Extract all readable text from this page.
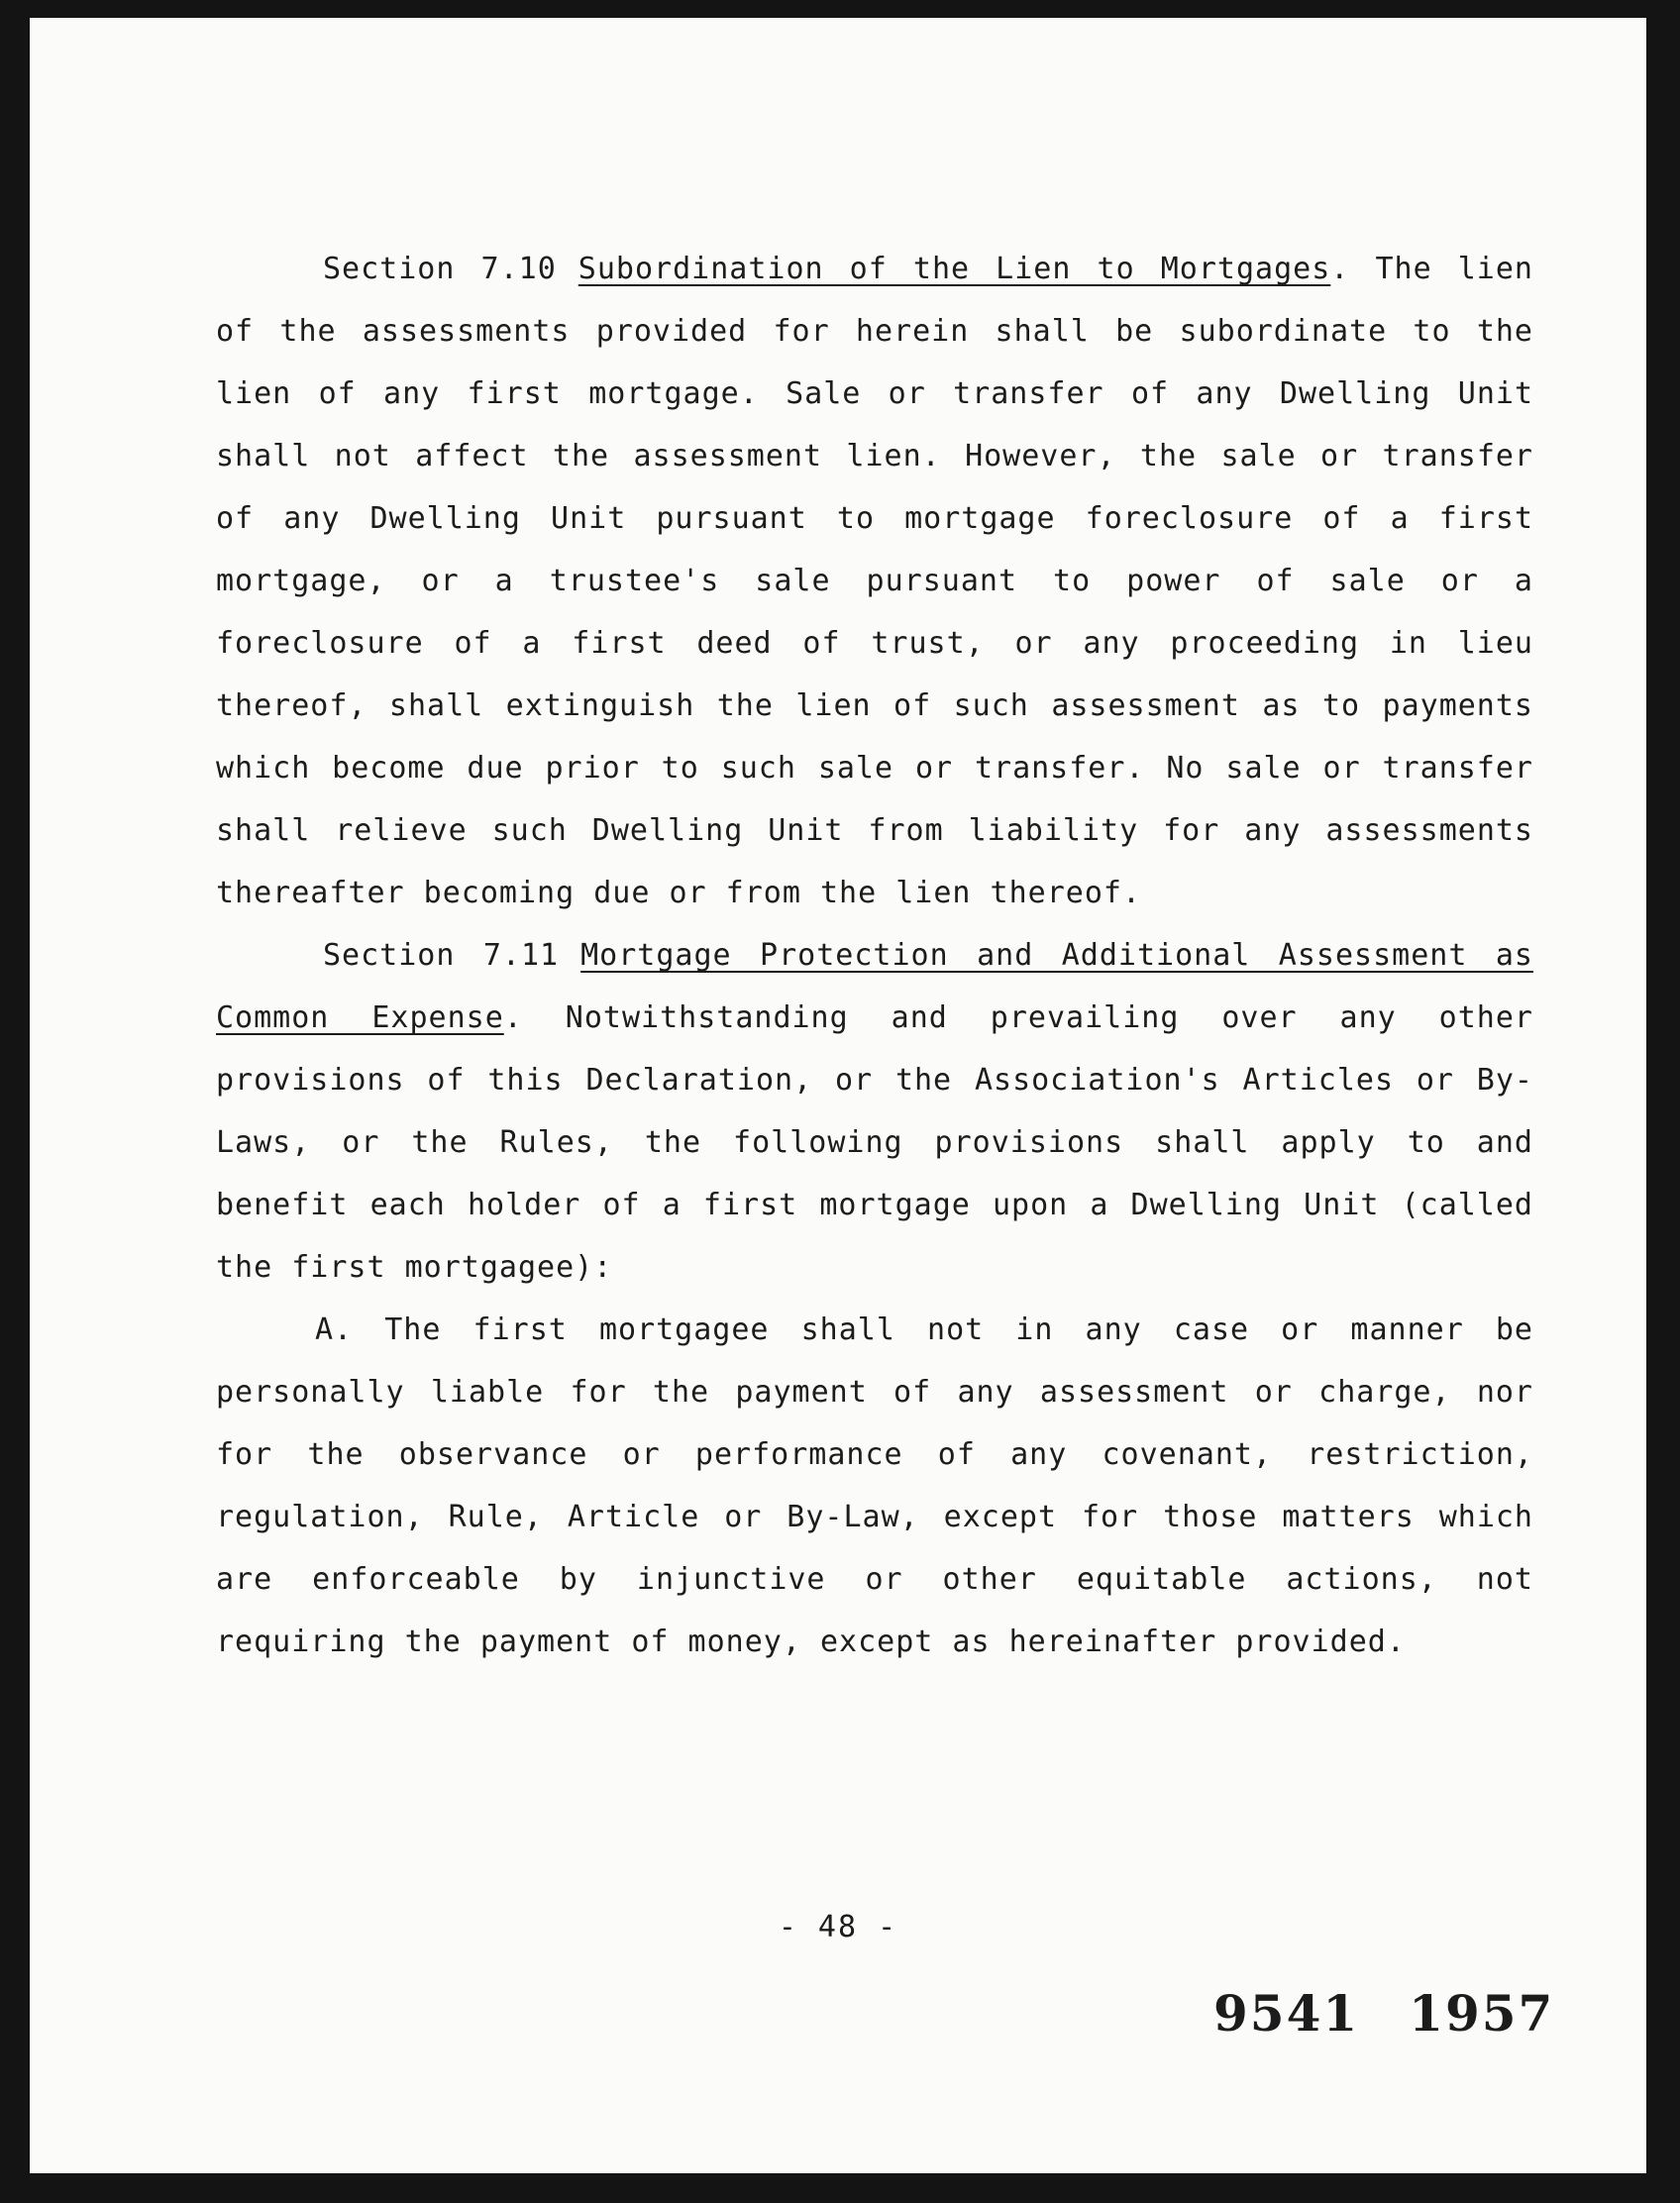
Section 7.10 Subordination of the Lien to Mortgages. The lien of the assessments provided for herein shall be subordinate to the lien of any first mortgage. Sale or transfer of any Dwelling Unit shall not affect the assessment lien. However, the sale or transfer of any Dwelling Unit pursuant to mortgage foreclosure of a first mortgage, or a trustee's sale pursuant to power of sale or a foreclosure of a first deed of trust, or any proceeding in lieu thereof, shall extinguish the lien of such assessment as to payments which become due prior to such sale or transfer. No sale or transfer shall relieve such Dwelling Unit from liability for any assessments thereafter becoming due or from the lien thereof.

Section 7.11 Mortgage Protection and Additional Assessment as Common Expense. Notwithstanding and prevailing over any other provisions of this Declaration, or the Association's Articles or By-Laws, or the Rules, the following provisions shall apply to and benefit each holder of a first mortgage upon a Dwelling Unit (called the first mortgagee):

A. The first mortgagee shall not in any case or manner be personally liable for the payment of any assessment or charge, nor for the observance or performance of any covenant, restriction, regulation, Rule, Article or By-Law, except for those matters which are enforceable by injunctive or other equitable actions, not requiring the payment of money, except as hereinafter provided.

- 48 -
9541 1957
